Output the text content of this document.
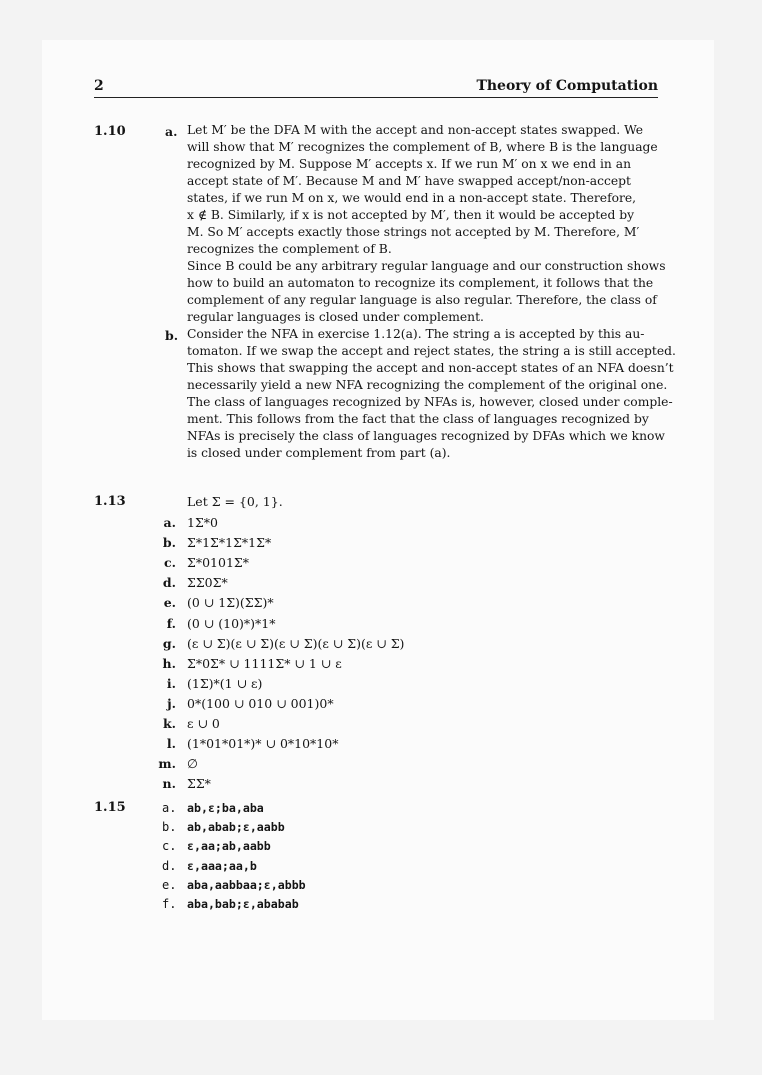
2	Theory of Computation
1.10	a. Let M′ be the DFA M with the accept and non-accept states swapped. We
will show that M′ recognizes the complement of B, where B is the language
recognized by M. Suppose M′ accepts x. If we run M′ on x we end in an
accept state of M′. Because M and M′ have swapped accept/non-accept
states, if we run M on x, we would end in a non-accept state. Therefore,
x ∉ B. Similarly, if x is not accepted by M′, then it would be accepted by
M. So M′ accepts exactly those strings not accepted by M. Therefore, M′
recognizes the complement of B.
Since B could be any arbitrary regular language and our construction shows
how to build an automaton to recognize its complement, it follows that the
complement of any regular language is also regular. Therefore, the class of
regular languages is closed under complement.
b. Consider the NFA in exercise 1.12(a). The string a is accepted by this au-
tomaton. If we swap the accept and reject states, the string a is still accepted.
This shows that swapping the accept and non-accept states of an NFA doesn’t
necessarily yield a new NFA recognizing the complement of the original one.
The class of languages recognized by NFAs is, however, closed under comple-
ment. This follows from the fact that the class of languages recognized by
NFAs is precisely the class of languages recognized by DFAs which we know
is closed under complement from part (a).
1.13	Let Σ = {0, 1}.
a. 1Σ*0
b. Σ*1Σ*1Σ*1Σ*
c. Σ*0101Σ*
d. ΣΣ0Σ*
e. (0 ∪ 1Σ)(ΣΣ)*
f. (0 ∪ (10)*)*1*
g. (ε ∪ Σ)(ε ∪ Σ)(ε ∪ Σ)(ε ∪ Σ)(ε ∪ Σ)
h. Σ*0Σ* ∪ 1111Σ* ∪ 1 ∪ ε
i. (1Σ)*(1 ∪ ε)
j. 0*(100 ∪ 010 ∪ 001)0*
k. ε ∪ 0
l. (1*01*01*)* ∪ 0*10*10*
m. ∅
n. ΣΣ*
1.15	a. ab,ε;ba,aba
b. ab,abab;ε,aabb
c. ε,aa;ab,aabb
d. ε,aaa;aa,b
e. aba,aabbaa;ε,abbb
f. aba,bab;ε,ababab
